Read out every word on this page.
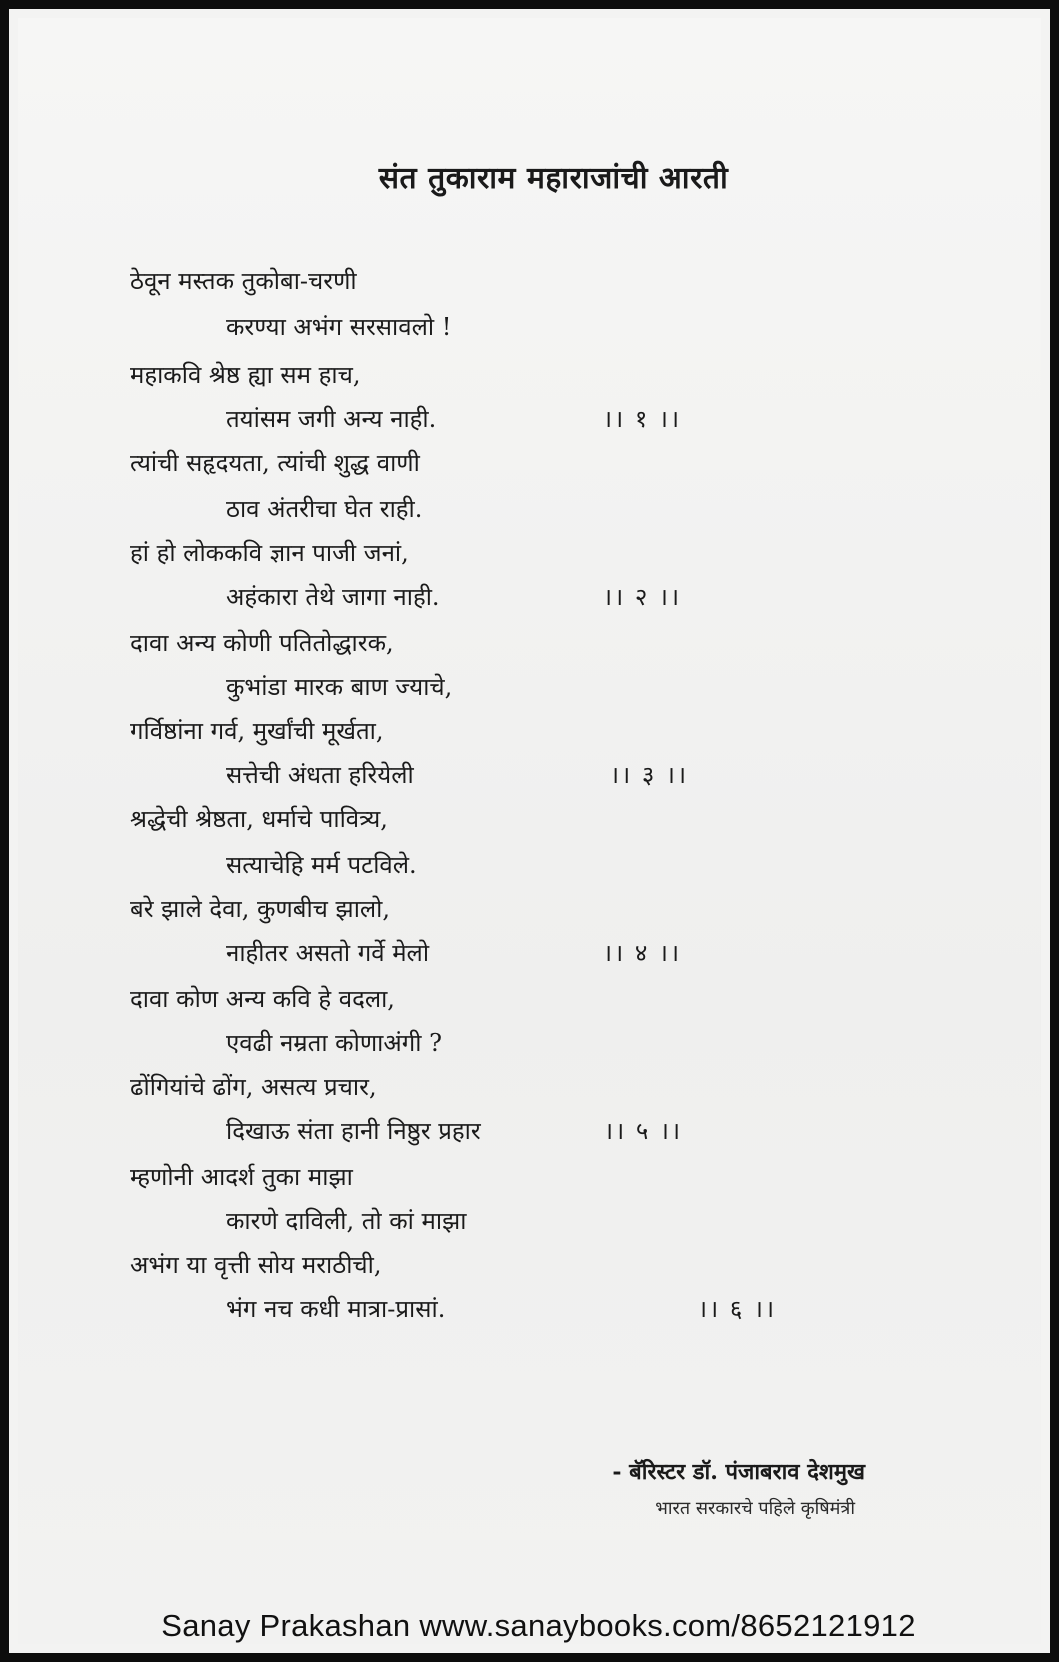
संत तुकाराम महाराजांची आरती
ठेवून मस्तक तुकोबा-चरणी
करण्या अभंग सरसावलो !
महाकवि श्रेष्ठ ह्या सम हाच,
तयांसम जगी अन्य नाही.	।। १ ।।
त्यांची सहृदयता, त्यांची शुद्ध वाणी
ठाव अंतरीचा घेत राही.
हां हो लोककवि ज्ञान पाजी जनां,
अहंकारा तेथे जागा नाही.	।। २ ।।
दावा अन्य कोणी पतितोद्धारक,
कुभांडा मारक बाण ज्याचे,
गर्विष्ठांना गर्व, मुर्खांची मूर्खता,
सत्तेची अंधता हरियेली	।। ३ ।।
श्रद्धेची श्रेष्ठता, धर्माचे पावित्र्य,
सत्याचेहि मर्म पटविले.
बरे झाले देवा, कुणबीच झालो,
नाहीतर असतो गर्वे मेलो	।। ४ ।।
दावा कोण अन्य कवि हे वदला,
एवढी नम्रता कोणाअंगी ?
ढोंगियांचे ढोंग, असत्य प्रचार,
दिखाऊ संता हानी निष्ठुर प्रहार	।। ५ ।।
म्हणोनी आदर्श तुका माझा
कारणे दाविली, तो कां माझा
अभंग या वृत्ती सोय मराठीची,
भंग नच कधी मात्रा-प्रासां.	।। ६ ।।
- बॅरिस्टर डॉ. पंजाबराव देशमुख
भारत सरकारचे पहिले कृषिमंत्री
Sanay Prakashan www.sanaybooks.com/8652121912
